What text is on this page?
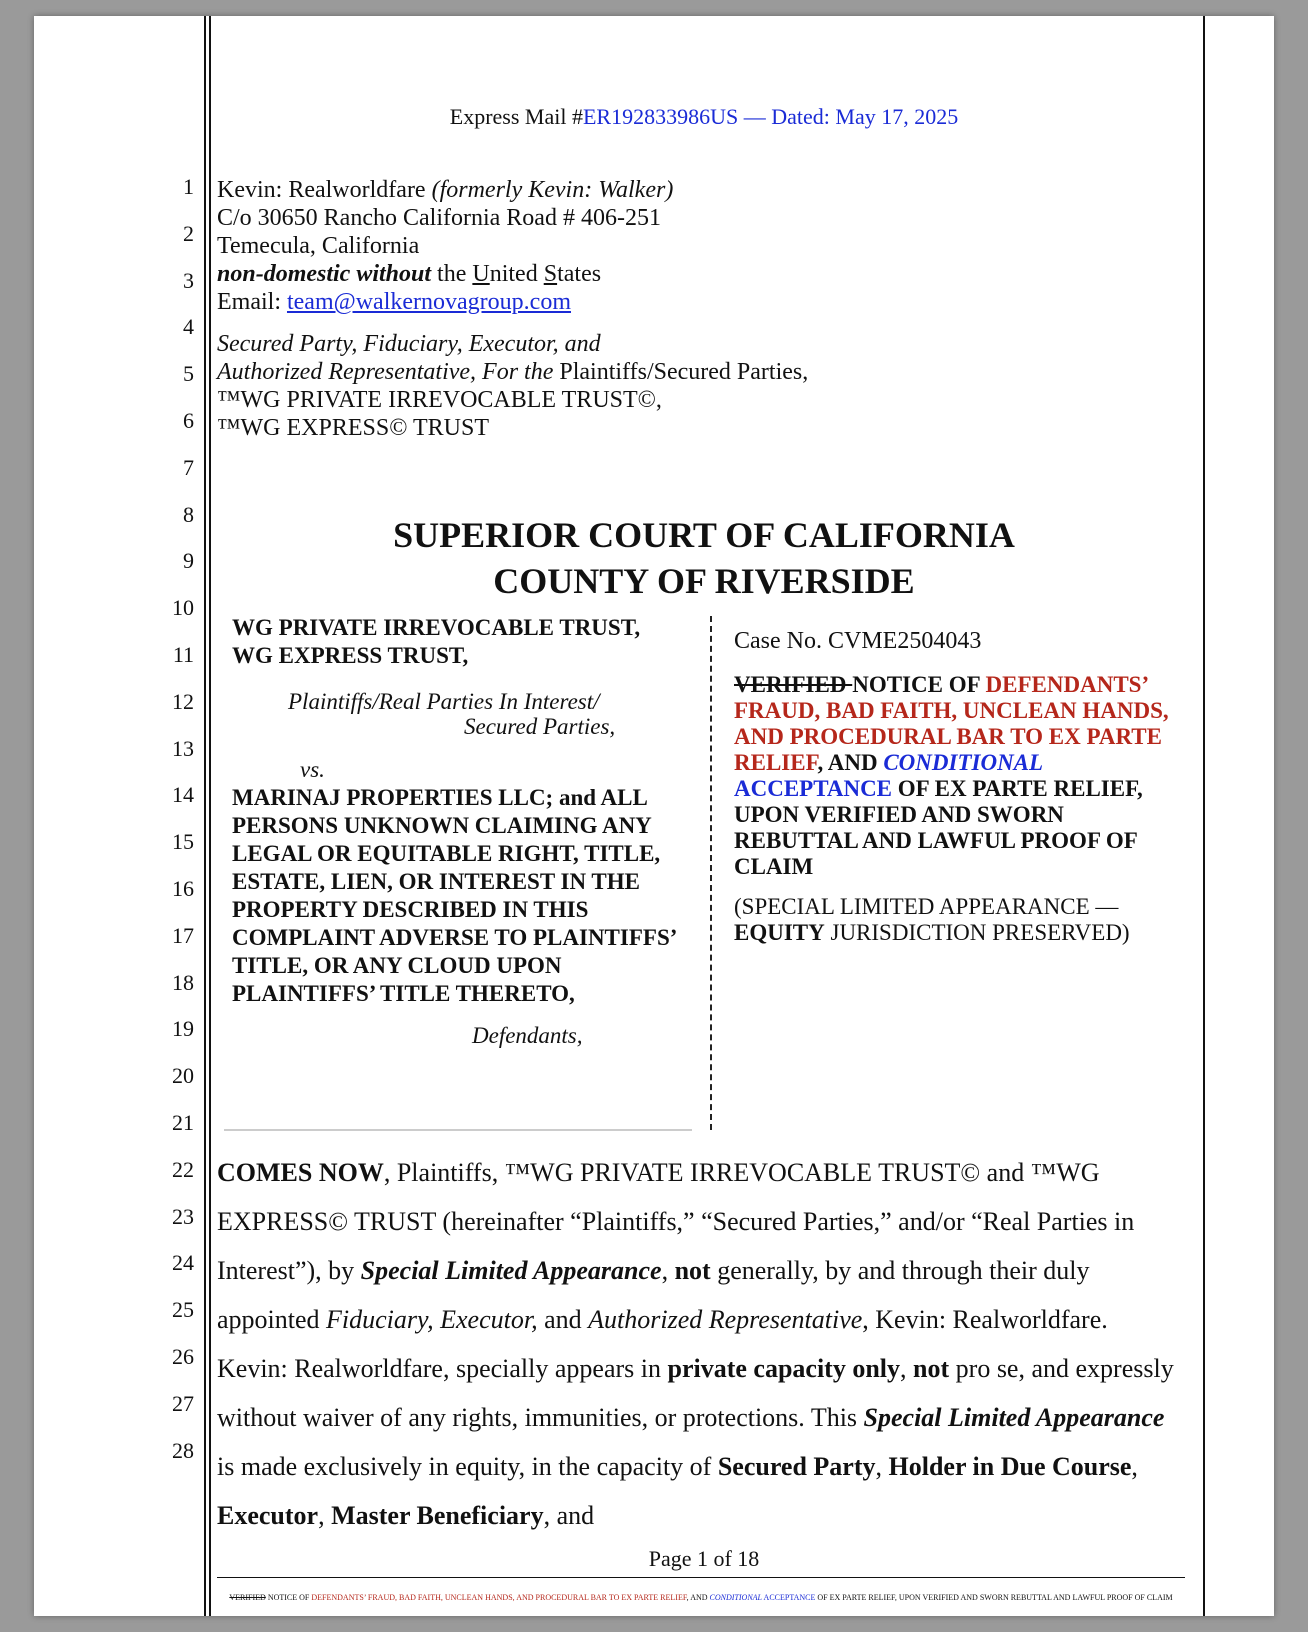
Express Mail #ER192833986US — Dated: May 17, 2025
1
2
3
4
5
6
7
8
9
10
11
12
13
14
15
16
17
18
19
20
21
22
23
24
25
26
27
28
Kevin: Realworldfare (formerly Kevin: Walker)
C/o 30650 Rancho California Road # 406-251
Temecula, California
non-domestic without the United States
Email: team@walkernovagroup.com
Secured Party, Fiduciary, Executor, and
Authorized Representative, For the Plaintiffs/Secured Parties,
™WG PRIVATE IRREVOCABLE TRUST©,
™WG EXPRESS© TRUST
SUPERIOR COURT OF CALIFORNIA
COUNTY OF RIVERSIDE
WG PRIVATE IRREVOCABLE TRUST,
WG EXPRESS TRUST,
Plaintiffs/Real Parties In Interest/
Secured Parties,
vs.
MARINAJ PROPERTIES LLC; and ALL PERSONS UNKNOWN CLAIMING ANY LEGAL OR EQUITABLE RIGHT, TITLE, ESTATE, LIEN, OR INTEREST IN THE PROPERTY DESCRIBED IN THIS COMPLAINT ADVERSE TO PLAINTIFFS’ TITLE, OR ANY CLOUD UPON PLAINTIFFS’ TITLE THERETO,
Defendants,
Case No. CVME2504043
VERIFIED NOTICE OF DEFENDANTS’ FRAUD, BAD FAITH, UNCLEAN HANDS, AND PROCEDURAL BAR TO EX PARTE RELIEF, AND CONDITIONAL ACCEPTANCE OF EX PARTE RELIEF, UPON VERIFIED AND SWORN REBUTTAL AND LAWFUL PROOF OF CLAIM
(SPECIAL LIMITED APPEARANCE —
EQUITY JURISDICTION PRESERVED)
COMES NOW, Plaintiffs, ™WG PRIVATE IRREVOCABLE TRUST© and ™WG EXPRESS© TRUST (hereinafter “Plaintiffs,” “Secured Parties,” and/or “Real Parties in Interest”), by Special Limited Appearance, not generally, by and through their duly appointed Fiduciary, Executor, and Authorized Representative, Kevin: Realworldfare. Kevin: Realworldfare, specially appears in private capacity only, not pro se, and expressly without waiver of any rights, immunities, or protections. This Special Limited Appearance is made exclusively in equity, in the capacity of Secured Party, Holder in Due Course, Executor, Master Beneficiary, and
Page 1 of 18
VERIFIED NOTICE OF DEFENDANTS’ FRAUD, BAD FAITH, UNCLEAN HANDS, AND PROCEDURAL BAR TO EX PARTE RELIEF, AND CONDITIONAL ACCEPTANCE OF EX PARTE RELIEF, UPON VERIFIED AND SWORN REBUTTAL AND LAWFUL PROOF OF CLAIM
